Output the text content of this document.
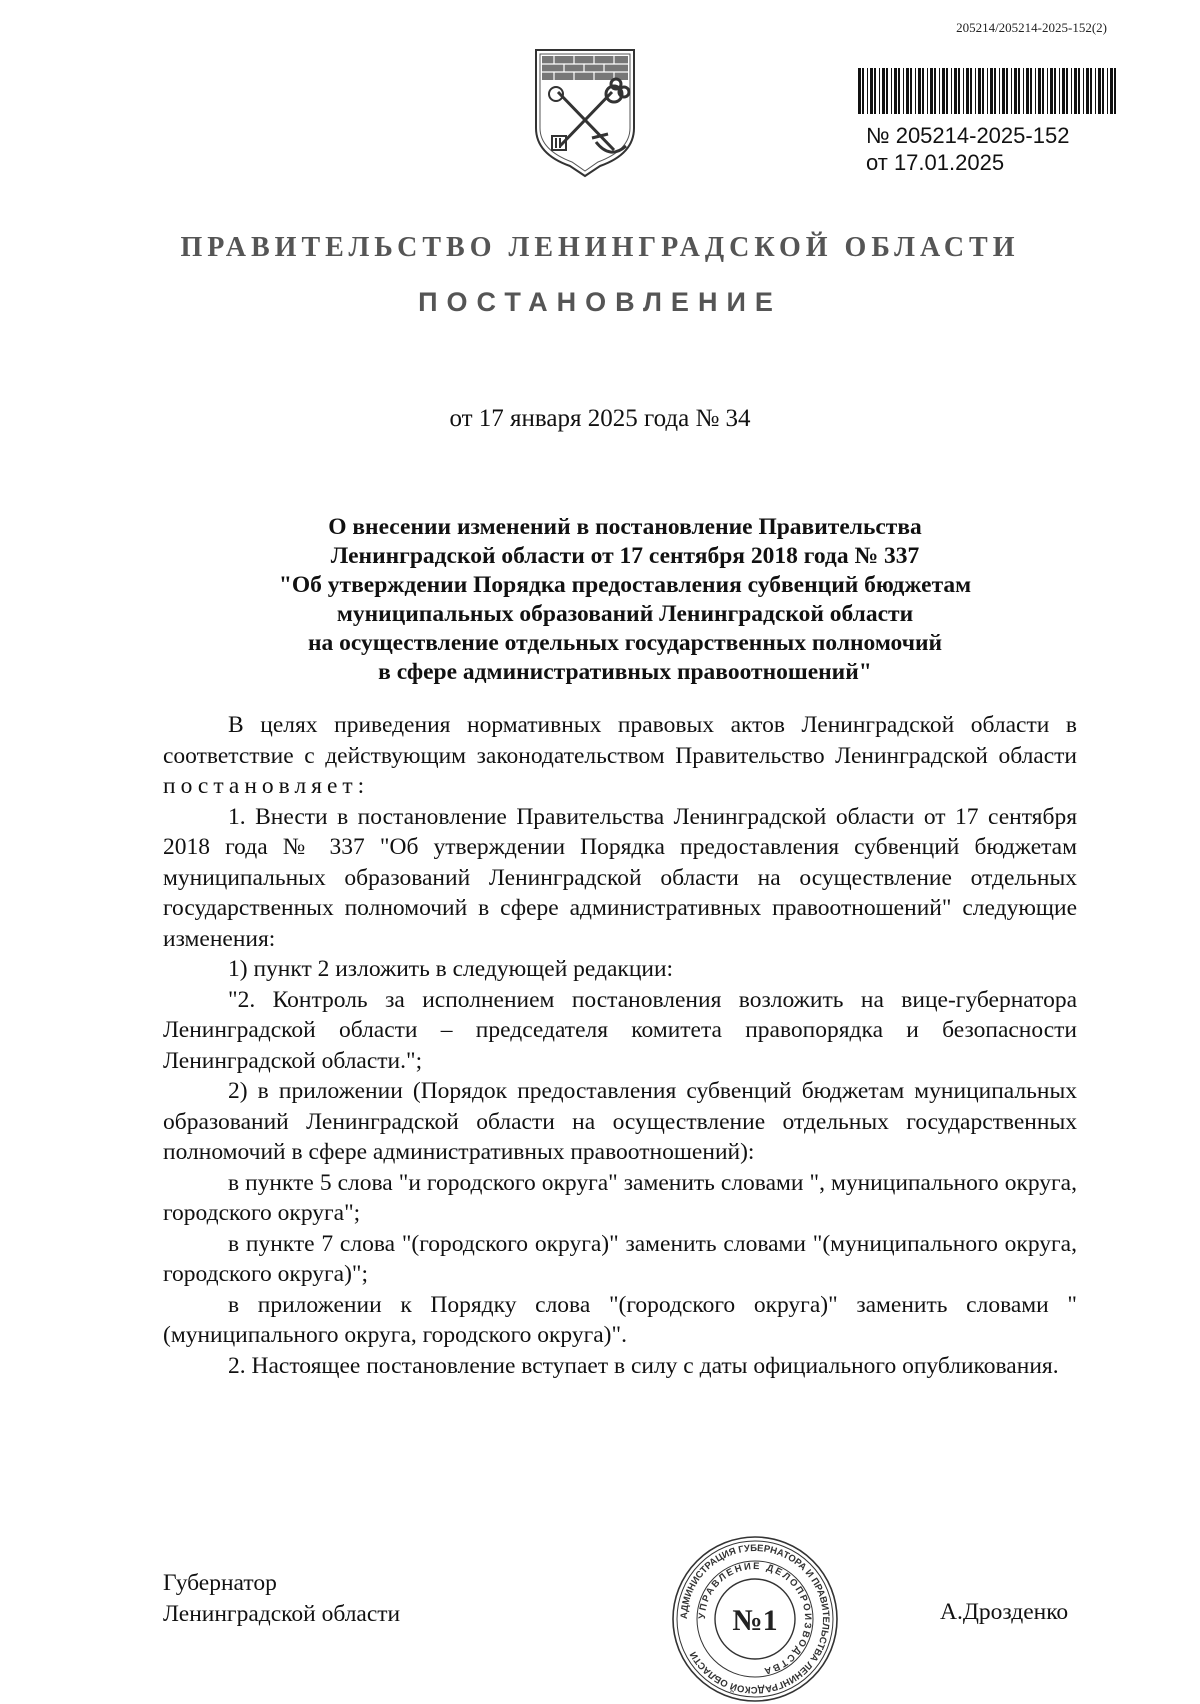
205214/205214-2025-152(2)
№ 205214-2025-152
от 17.01.2025
ПРАВИТЕЛЬСТВО ЛЕНИНГРАДСКОЙ ОБЛАСТИ
ПОСТАНОВЛЕНИЕ
от 17 января 2025 года № 34
О внесении изменений в постановление Правительства
Ленинградской области от 17 сентября 2018 года № 337
"Об утверждении Порядка предоставления субвенций бюджетам
муниципальных образований Ленинградской области
на осуществление отдельных государственных полномочий
в сфере административных правоотношений"

В целях приведения нормативных правовых актов Ленинградской области в соответствие с действующим законодательством Правительство Ленинградской области постановляет:

1. Внести в постановление Правительства Ленинградской области от 17 сентября 2018 года № 337 "Об утверждении Порядка предоставления субвенций бюджетам муниципальных образований Ленинградской области на осуществление отдельных государственных полномочий в сфере административных правоотношений" следующие изменения:

1) пункт 2 изложить в следующей редакции:

"2. Контроль за исполнением постановления возложить на вице-губернатора Ленинградской области – председателя комитета правопорядка и безопасности Ленинградской области.";

2) в приложении (Порядок предоставления субвенций бюджетам муниципальных образований Ленинградской области на осуществление отдельных государственных полномочий в сфере административных правоотношений):

в пункте 5 слова "и городского округа" заменить словами ", муниципального округа, городского округа";

в пункте 7 слова "(городского округа)" заменить словами "(муниципального округа, городского округа)";

в приложении к Порядку слова "(городского округа)" заменить словами "(муниципального округа, городского округа)".

2. Настоящее постановление вступает в силу с даты официального опубликования.

Губернатор
Ленинградской области	А.Дрозденко
АДМИНИСТРАЦИЯ ГУБЕРНАТОРА И ПРАВИТЕЛЬСТВА ЛЕНИНГРАДСКОЙ ОБЛАСТИ
УПРАВЛЕНИЕ ДЕЛОПРОИЗВОДСТВА
№1
